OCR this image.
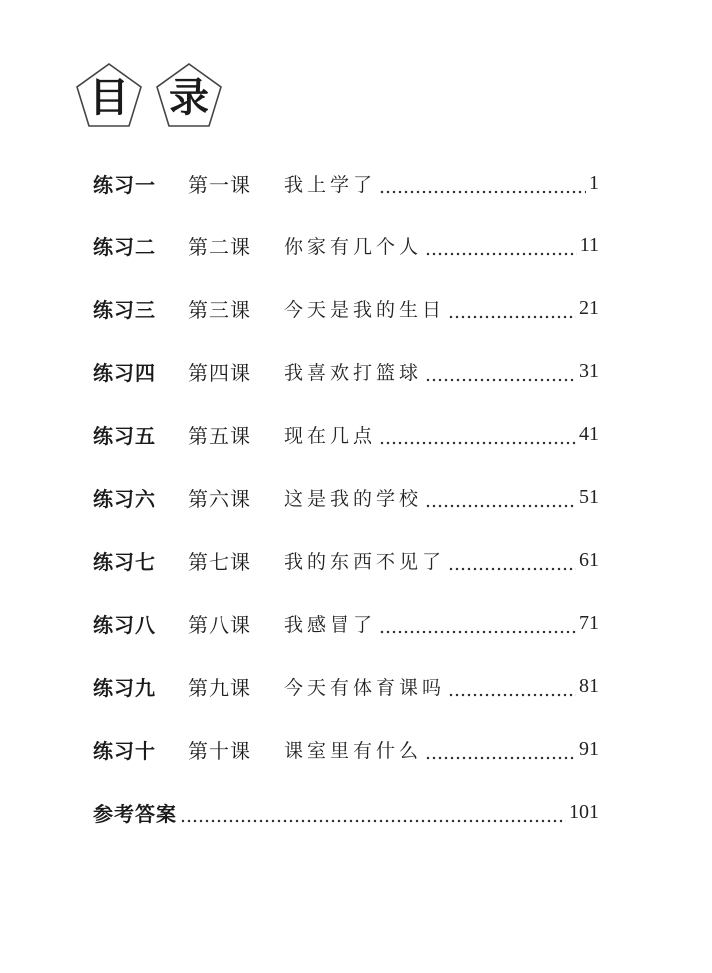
目	录
练习一	第一课	我上学了	1
练习二	第二课	你家有几个人	11
练习三	第三课	今天是我的生日	21
练习四	第四课	我喜欢打篮球	31
练习五	第五课	现在几点	41
练习六	第六课	这是我的学校	51
练习七	第七课	我的东西不见了	61
练习八	第八课	我感冒了	71
练习九	第九课	今天有体育课吗	81
练习十	第十课	课室里有什么	91
参考答案	101
